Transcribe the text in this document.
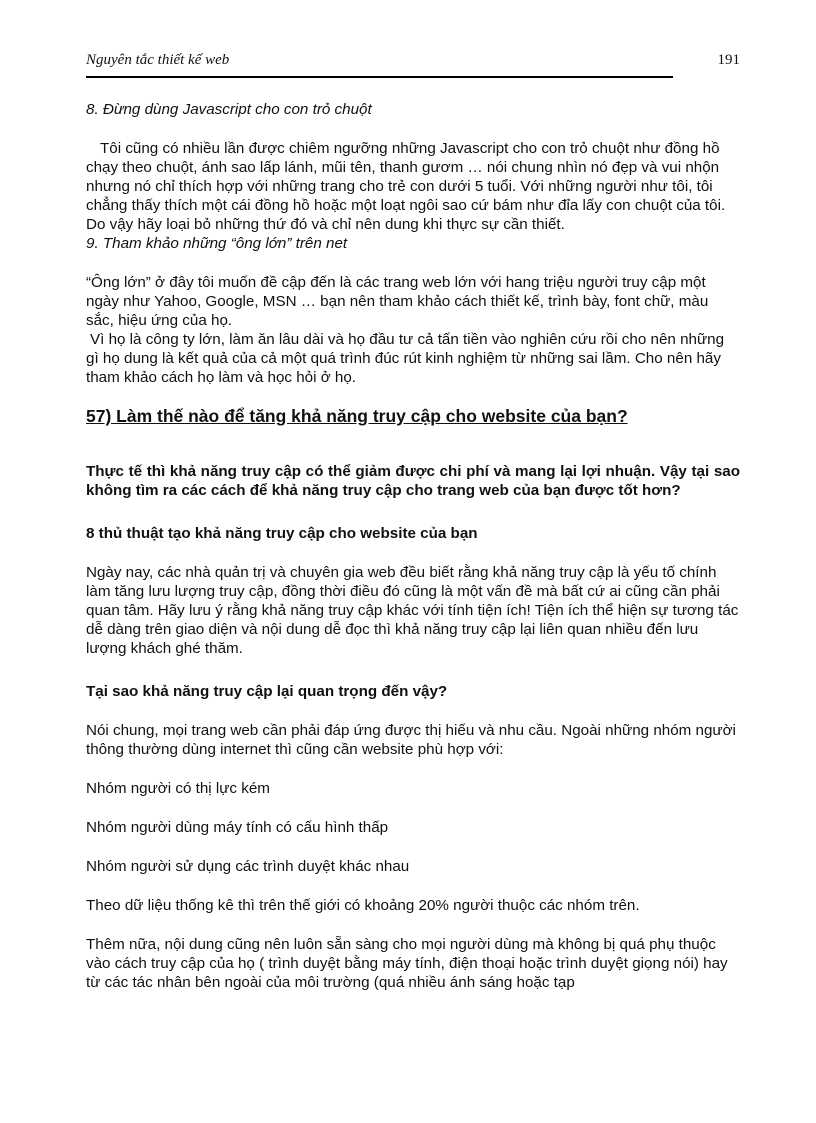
Nguyên tắc thiết kế web	191

8. Đừng dùng Javascript cho con trỏ chuột

Tôi cũng có nhiều lần được chiêm ngưỡng những Javascript cho con trỏ chuột như đồng hồ chạy theo chuột, ánh sao lấp lánh, mũi tên, thanh gươm … nói chung nhìn nó đẹp và vui nhộn nhưng nó chỉ thích hợp với những trang cho trẻ con dưới 5 tuổi. Với những người như tôi, tôi chẳng thấy thích một cái đồng hồ hoặc một loạt ngôi sao cứ bám như đỉa lấy con chuột của tôi.

Do vậy hãy loại bỏ những thứ đó và chỉ nên dung khi thực sự cần thiết.

9. Tham khảo những “ông lớn” trên net

“Ông lớn” ở đây tôi muốn đề cập đến là các trang web lớn với hang triệu người truy cập một ngày như Yahoo, Google, MSN … bạn nên tham khảo cách thiết kế, trình bày, font chữ, màu sắc, hiệu ứng của họ.

Vì họ là công ty lớn, làm ăn lâu dài và họ đầu tư cả tấn tiền vào nghiên cứu rồi cho nên những gì họ dung là kết quả của cả một quá trình đúc rút kinh nghiệm từ những sai lầm. Cho nên hãy tham khảo cách họ làm và học hỏi ở họ.

57) Làm thế nào để tăng khả năng truy cập cho website của bạn?

Thực tế thì khả năng truy cập có thể giảm được chi phí và mang lại lợi nhuận. Vậy tại sao không tìm ra các cách để khả năng truy cập cho trang web của bạn được tốt hơn?

8 thủ thuật tạo khả năng truy cập cho website của bạn

Ngày nay, các nhà quản trị và chuyên gia web đều biết rằng khả năng truy cập là yếu tố chính làm tăng lưu lượng truy cập, đồng thời điều đó cũng là một vấn đề mà bất cứ ai cũng cần phải quan tâm. Hãy lưu ý rằng khả năng truy cập khác với tính tiện ích! Tiện ích thể hiện sự tương tác dễ dàng trên giao diện và nội dung dễ đọc thì khả năng truy cập lại liên quan nhiều đến lưu lượng khách ghé thăm.

Tại sao khả năng truy cập lại quan trọng đến vậy?

Nói chung, mọi trang web cần phải đáp ứng được thị hiếu và nhu cầu. Ngoài những nhóm người thông thường dùng internet thì cũng cần website phù hợp với:

Nhóm người có thị lực kém

Nhóm người dùng máy tính có cấu hình thấp

Nhóm người sử dụng các trình duyệt khác nhau

Theo dữ liệu thống kê thì trên thế giới có khoảng 20% người thuộc các nhóm trên.

Thêm nữa, nội dung cũng nên luôn sẵn sàng cho mọi người dùng mà không bị quá phụ thuộc vào cách truy cập của họ ( trình duyệt bằng máy tính, điện thoại hoặc trình duyệt giọng nói) hay từ các tác nhân bên ngoài của môi trường (quá nhiều ánh sáng hoặc tạp
